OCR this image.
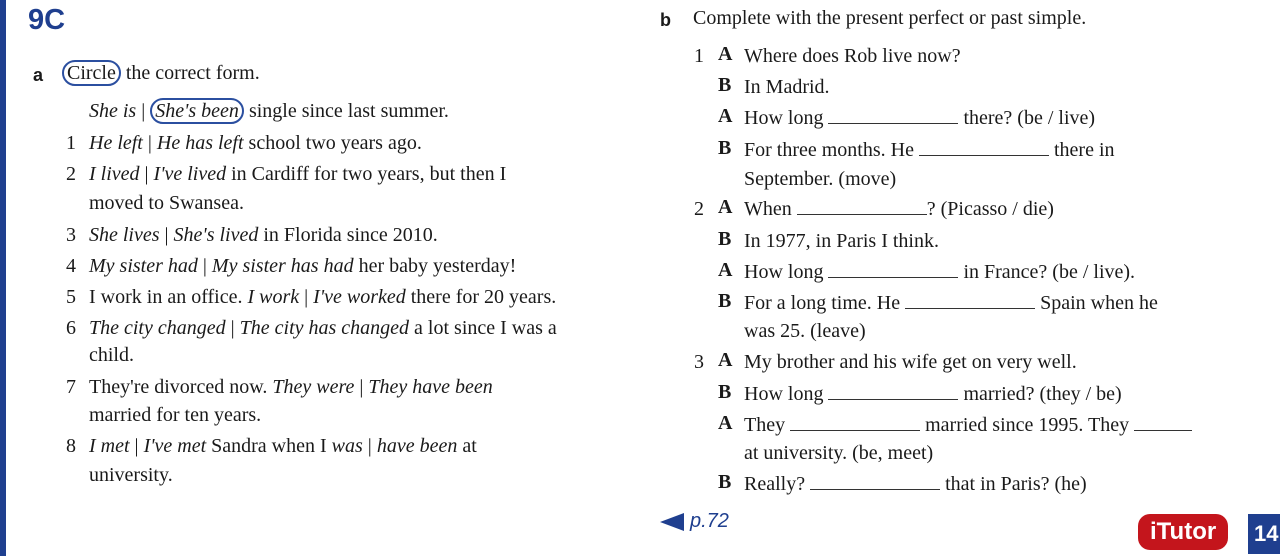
9C
a Circle the correct form.
She is | She's been single since last summer.
1 He left | He has left school two years ago.
2 I lived | I've lived in Cardiff for two years, but then I
moved to Swansea.
3 She lives | She's lived in Florida since 2010.
4 My sister had | My sister has had her baby yesterday!
5 I work in an office. I work | I've worked there for 20 years.
6 The city changed | The city has changed a lot since I was a
child.
7 They're divorced now. They were | They have been
married for ten years.
8 I met | I've met Sandra when I was | have been at
university.
b Complete with the present perfect or past simple.
1 A Where does Rob live now?
B In Madrid.
A How long	there? (be / live)
B For three months. He	there in
September. (move)
2 A When	? (Picasso / die)
B In 1977, in Paris I think.
A How long	in France? (be / live).
B For a long time. He	Spain when he
was 25. (leave)
3 A My brother and his wife get on very well.
B How long	married? (they / be)
A They	married since 1995. They
at university. (be, meet)
B Really?	that in Paris? (he)
p.72	iTutor	14
